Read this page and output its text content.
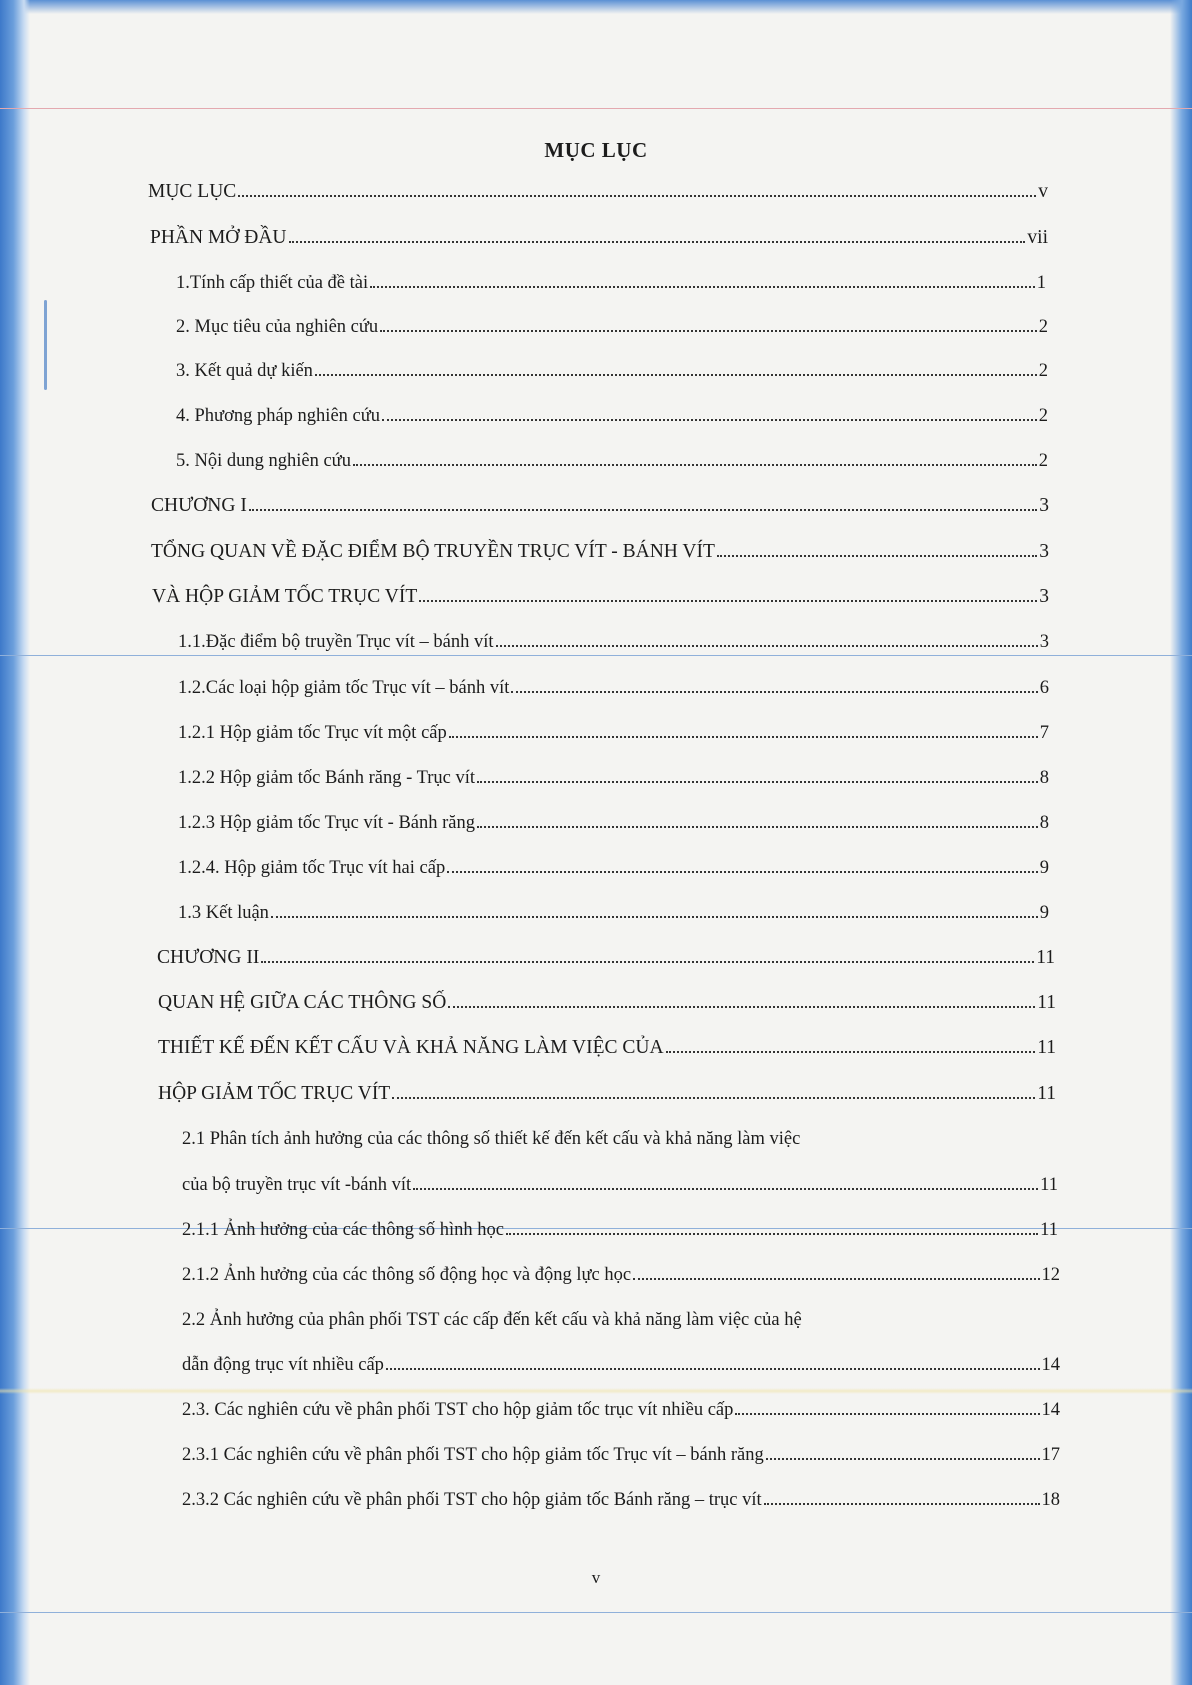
MỤC LỤC
MỤC LỤC	v
PHẦN MỞ ĐẦU	vii
1.Tính cấp thiết của đề tài	1
2. Mục tiêu của nghiên cứu	2
3. Kết quả dự kiến	2
4. Phương pháp nghiên cứu	2
5. Nội dung nghiên cứu	2
CHƯƠNG I	3
TỔNG QUAN VỀ ĐẶC ĐIỂM BỘ TRUYỀN TRỤC VÍT - BÁNH VÍT	3
VÀ HỘP GIẢM TỐC TRỤC VÍT	3
1.1.Đặc điểm bộ truyền Trục vít – bánh vít	3
1.2.Các loại hộp giảm tốc Trục vít – bánh vít	6
1.2.1 Hộp giảm tốc Trục vít một cấp	7
1.2.2 Hộp giảm tốc Bánh răng - Trục vít	8
1.2.3 Hộp giảm tốc Trục vít - Bánh răng	8
1.2.4. Hộp giảm tốc Trục vít hai cấp	9
1.3 Kết luận	9
CHƯƠNG II	11
QUAN HỆ GIỮA CÁC THÔNG SỐ	11
THIẾT KẾ ĐẾN KẾT CẤU VÀ KHẢ NĂNG LÀM VIỆC CỦA	11
HỘP GIẢM TỐC TRỤC VÍT	11
2.1 Phân tích ảnh hưởng của các thông số thiết kế đến kết cấu và khả năng làm việc
của bộ truyền trục vít -bánh vít	11
2.1.1 Ảnh hưởng của các thông số hình học	11
2.1.2 Ảnh hưởng của các thông số động học và động lực học	12
2.2 Ảnh hưởng của phân phối TST các cấp đến kết cấu và khả năng làm việc của hệ
dẫn động trục vít nhiều cấp	14
2.3. Các nghiên cứu về phân phối TST cho hộp giảm tốc trục vít nhiều cấp	14
2.3.1 Các nghiên cứu về phân phối TST cho hộp giảm tốc Trục vít – bánh răng	17
2.3.2 Các nghiên cứu về phân phối TST cho hộp giảm tốc Bánh răng – trục vít	18
v
